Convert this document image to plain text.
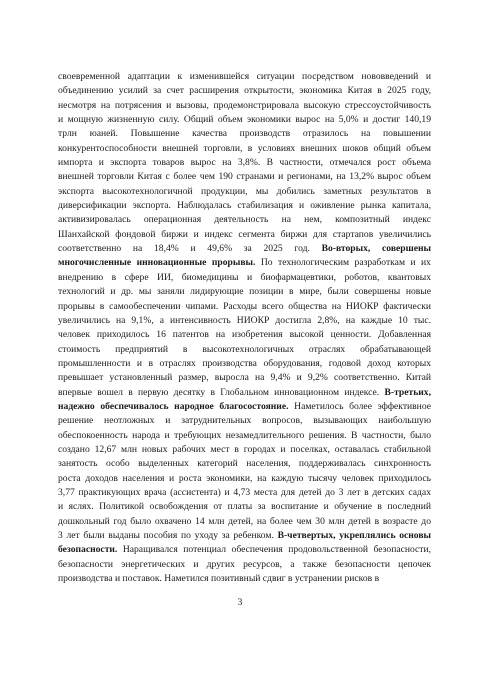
своевременной адаптации к изменившейся ситуации посредством нововведений и
объединению усилий за счет расширения открытости, экономика Китая в 2025 году,
несмотря на потрясения и вызовы, продемонстрировала высокую стрессоустойчивость
и мощную жизненную силу. Общий объем экономики вырос на 5,0% и достиг 140,19
трлн юаней. Повышение качества производств отразилось на повышении
конкурентоспособности внешней торговли, в условиях внешних шоков общий объем
импорта и экспорта товаров вырос на 3,8%. В частности, отмечался рост объема
внешней торговли Китая с более чем 190 странами и регионами, на 13,2% вырос объем
экспорта высокотехнологичной продукции, мы добились заметных результатов в
диверсификации экспорта. Наблюдалась стабилизация и оживление рынка капитала,
активизировалась операционная деятельность на нем, композитный индекс
Шанхайской фондовой биржи и индекс сегмента биржи для стартапов увеличились
соответственно на 18,4% и 49,6% за 2025 год. Во-вторых, совершены
многочисленные инновационные прорывы. По технологическим разработкам и их
внедрению в сфере ИИ, биомедицины и биофармацевтики, роботов, квантовых
технологий и др. мы заняли лидирующие позиции в мире, были совершены новые
прорывы в самообеспечении чипами. Расходы всего общества на НИОКР фактически
увеличились на 9,1%, а интенсивность НИОКР достигла 2,8%, на каждые 10 тыс.
человек приходилось 16 патентов на изобретения высокой ценности. Добавленная
стоимость предприятий в высокотехнологичных отраслях обрабатывающей
промышленности и в отраслях производства оборудования, годовой доход которых
превышает установленный размер, выросла на 9,4% и 9,2% соответственно. Китай
впервые вошел в первую десятку в Глобальном инновационном индексе. В-третьих,
надежно обеспечивалось народное благосостояние. Наметилось более эффективное
решение неотложных и затруднительных вопросов, вызывающих наибольшую
обеспокоенность народа и требующих незамедлительного решения. В частности, было
создано 12,67 млн новых рабочих мест в городах и поселках, оставалась стабильной
занятость особо выделенных категорий населения, поддерживалась синхронность
роста доходов населения и роста экономики, на каждую тысячу человек приходилось
3,77 практикующих врача (ассистента) и 4,73 места для детей до 3 лет в детских садах
и яслях. Политикой освобождения от платы за воспитание и обучение в последний
дошкольный год было охвачено 14 млн детей, на более чем 30 млн детей в возрасте до
3 лет были выданы пособия по уходу за ребенком. В-четвертых, укреплялись основы
безопасности. Наращивался потенциал обеспечения продовольственной безопасности,
безопасности энергетических и других ресурсов, а также безопасности цепочек
производства и поставок. Наметился позитивный сдвиг в устранении рисков в
3
